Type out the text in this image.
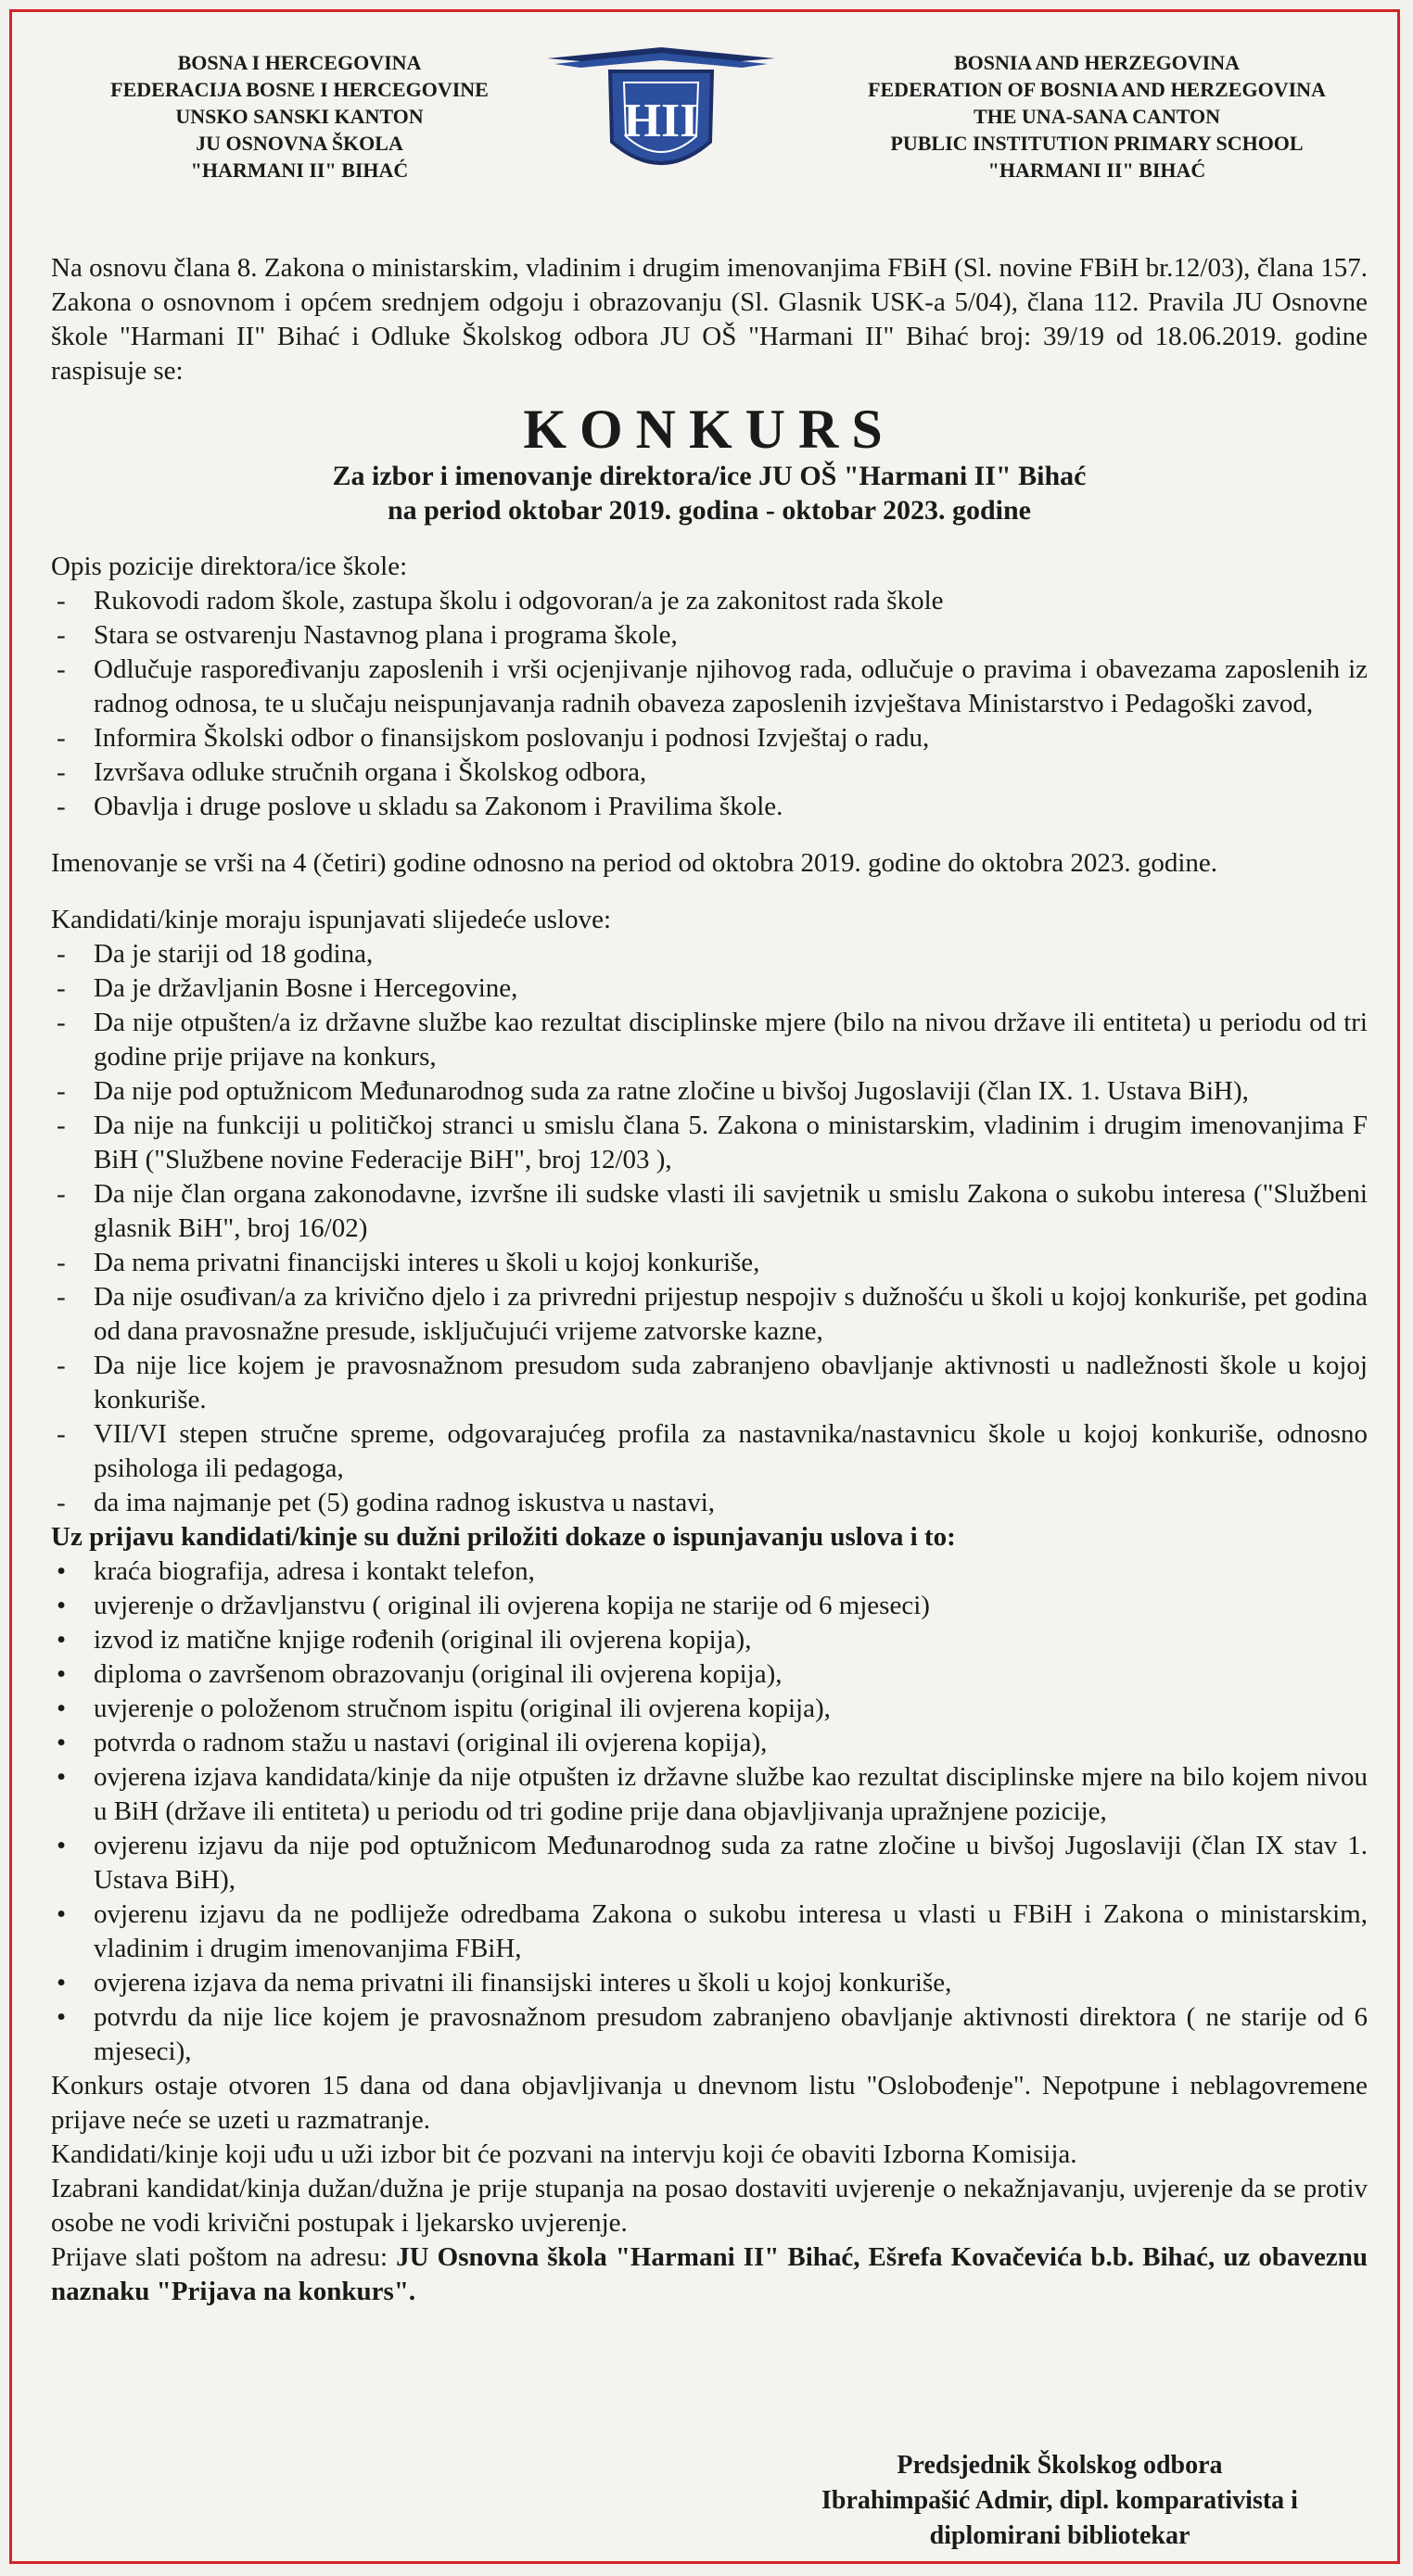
BOSNA I HERCEGOVINA
FEDERACIJA BOSNE I HERCEGOVINE
UNSKO SANSKI KANTON
JU OSNOVNA ŠKOLA
"HARMANI II" BIHAĆ
HII
BOSNIA AND HERZEGOVINA
FEDERATION OF BOSNIA AND HERZEGOVINA
THE UNA-SANA CANTON
PUBLIC INSTITUTION PRIMARY SCHOOL
"HARMANI II" BIHAĆ

Na osnovu člana 8. Zakona o ministarskim, vladinim i drugim imenovanjima FBiH (Sl. novine FBiH br.12/03), člana 157. Zakona o osnovnom i općem srednjem odgoju i obrazovanju (Sl. Glasnik USK-a 5/04), člana 112. Pravila JU Osnovne škole "Harmani II" Bihać i Odluke Školskog odbora JU OŠ "Harmani II" Bihać broj: 39/19 od 18.06.2019. godine raspisuje se:

KONKURS

Za izbor i imenovanje direktora/ice JU OŠ "Harmani II" Bihać

na period oktobar 2019. godina - oktobar 2023. godine

Opis pozicije direktora/ice škole:

- Rukovodi radom škole, zastupa školu i odgovoran/a je za zakonitost rada škole
- Stara se ostvarenju Nastavnog plana i programa škole,
- Odlučuje raspoređivanju zaposlenih i vrši ocjenjivanje njihovog rada, odlučuje o pravima i obavezama zaposlenih iz radnog odnosa, te u slučaju neispunjavanja radnih obaveza zaposlenih izvještava Ministarstvo i Pedagoški zavod,
- Informira Školski odbor o finansijskom poslovanju i podnosi Izvještaj o radu,
- Izvršava odluke stručnih organa i Školskog odbora,
- Obavlja i druge poslove u skladu sa Zakonom i Pravilima škole.

Imenovanje se vrši na 4 (četiri) godine odnosno na period od oktobra 2019. godine do oktobra 2023. godine.

Kandidati/kinje moraju ispunjavati slijedeće uslove:

- Da je stariji od 18 godina,
- Da je državljanin Bosne i Hercegovine,
- Da nije otpušten/a iz državne službe kao rezultat disciplinske mjere (bilo na nivou države ili entiteta) u periodu od tri godine prije prijave na konkurs,
- Da nije pod optužnicom Međunarodnog suda za ratne zločine u bivšoj Jugoslaviji (član IX. 1. Ustava BiH),
- Da nije na funkciji u političkoj stranci u smislu člana 5. Zakona o ministarskim, vladinim i drugim imenovanjima F BiH ("Službene novine Federacije BiH", broj 12/03 ),
- Da nije član organa zakonodavne, izvršne ili sudske vlasti ili savjetnik u smislu Zakona o sukobu interesa ("Službeni glasnik BiH", broj 16/02)
- Da nema privatni financijski interes u školi u kojoj konkuriše,
- Da nije osuđivan/a za krivično djelo i za privredni prijestup nespojiv s dužnošću u školi u kojoj konkuriše, pet godina od dana pravosnažne presude, isključujući vrijeme zatvorske kazne,
- Da nije lice kojem je pravosnažnom presudom suda zabranjeno obavljanje aktivnosti u nadležnosti škole u kojoj konkuriše.
- VII/VI stepen stručne spreme, odgovarajućeg profila za nastavnika/nastavnicu škole u kojoj konkuriše, odnosno psihologa ili pedagoga,
- da ima najmanje pet (5) godina radnog iskustva u nastavi,

Uz prijavu kandidati/kinje su dužni priložiti dokaze o ispunjavanju uslova i to:

• kraća biografija, adresa i kontakt telefon,
• uvjerenje o državljanstvu ( original ili ovjerena kopija ne starije od 6 mjeseci)
• izvod iz matične knjige rođenih (original ili ovjerena kopija),
• diploma o završenom obrazovanju (original ili ovjerena kopija),
• uvjerenje o položenom stručnom ispitu (original ili ovjerena kopija),
• potvrda o radnom stažu u nastavi (original ili ovjerena kopija),
• ovjerena izjava kandidata/kinje da nije otpušten iz državne službe kao rezultat disciplinske mjere na bilo kojem nivou u BiH (države ili entiteta) u periodu od tri godine prije dana objavljivanja upražnjene pozicije,
• ovjerenu izjavu da nije pod optužnicom Međunarodnog suda za ratne zločine u bivšoj Jugoslaviji (član IX stav 1. Ustava BiH),
• ovjerenu izjavu da ne podliježe odredbama Zakona o sukobu interesa u vlasti u FBiH i Zakona o ministarskim, vladinim i drugim imenovanjima FBiH,
• ovjerena izjava da nema privatni ili finansijski interes u školi u kojoj konkuriše,
• potvrdu da nije lice kojem je pravosnažnom presudom zabranjeno obavljanje aktivnosti direktora ( ne starije od 6 mjeseci),

Konkurs ostaje otvoren 15 dana od dana objavljivanja u dnevnom listu "Oslobođenje". Nepotpune i neblagovremene prijave neće se uzeti u razmatranje.

Kandidati/kinje koji uđu u uži izbor bit će pozvani na intervju koji će obaviti Izborna Komisija.

Izabrani kandidat/kinja dužan/dužna je prije stupanja na posao dostaviti uvjerenje o nekažnjavanju, uvjerenje da se protiv osobe ne vodi krivični postupak i ljekarsko uvjerenje.

Prijave slati poštom na adresu: JU Osnovna škola "Harmani II" Bihać, Ešrefa Kovačevića b.b. Bihać, uz obaveznu naznaku "Prijava na konkurs".

Predsjednik Školskog odbora
Ibrahimpašić Admir, dipl. komparativista i
diplomirani bibliotekar
